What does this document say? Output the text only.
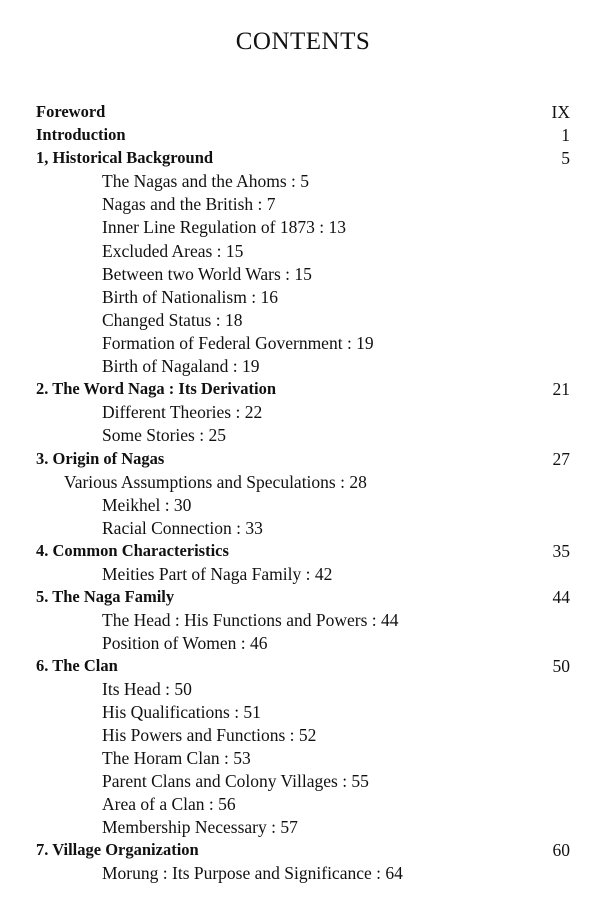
CONTENTS
Foreword	IX
Introduction	1
1, Historical Background	5
The Nagas and the Ahoms : 5
Nagas and the British : 7
Inner Line Regulation of 1873 : 13
Excluded Areas : 15
Between two World Wars : 15
Birth of Nationalism : 16
Changed Status : 18
Formation of Federal Government : 19
Birth of Nagaland : 19
2. The Word Naga : Its Derivation	21
Different Theories : 22
Some Stories : 25
3. Origin of Nagas	27
Various Assumptions and Speculations : 28
Meikhel : 30
Racial Connection : 33
4. Common Characteristics	35
Meities Part of Naga Family : 42
5. The Naga Family	44
The Head : His Functions and Powers : 44
Position of Women : 46
6. The Clan	50
Its Head : 50
His Qualifications : 51
His Powers and Functions : 52
The Horam Clan : 53
Parent Clans and Colony Villages : 55
Area of a Clan : 56
Membership Necessary : 57
7. Village Organization	60
Morung : Its Purpose and Significance : 64
